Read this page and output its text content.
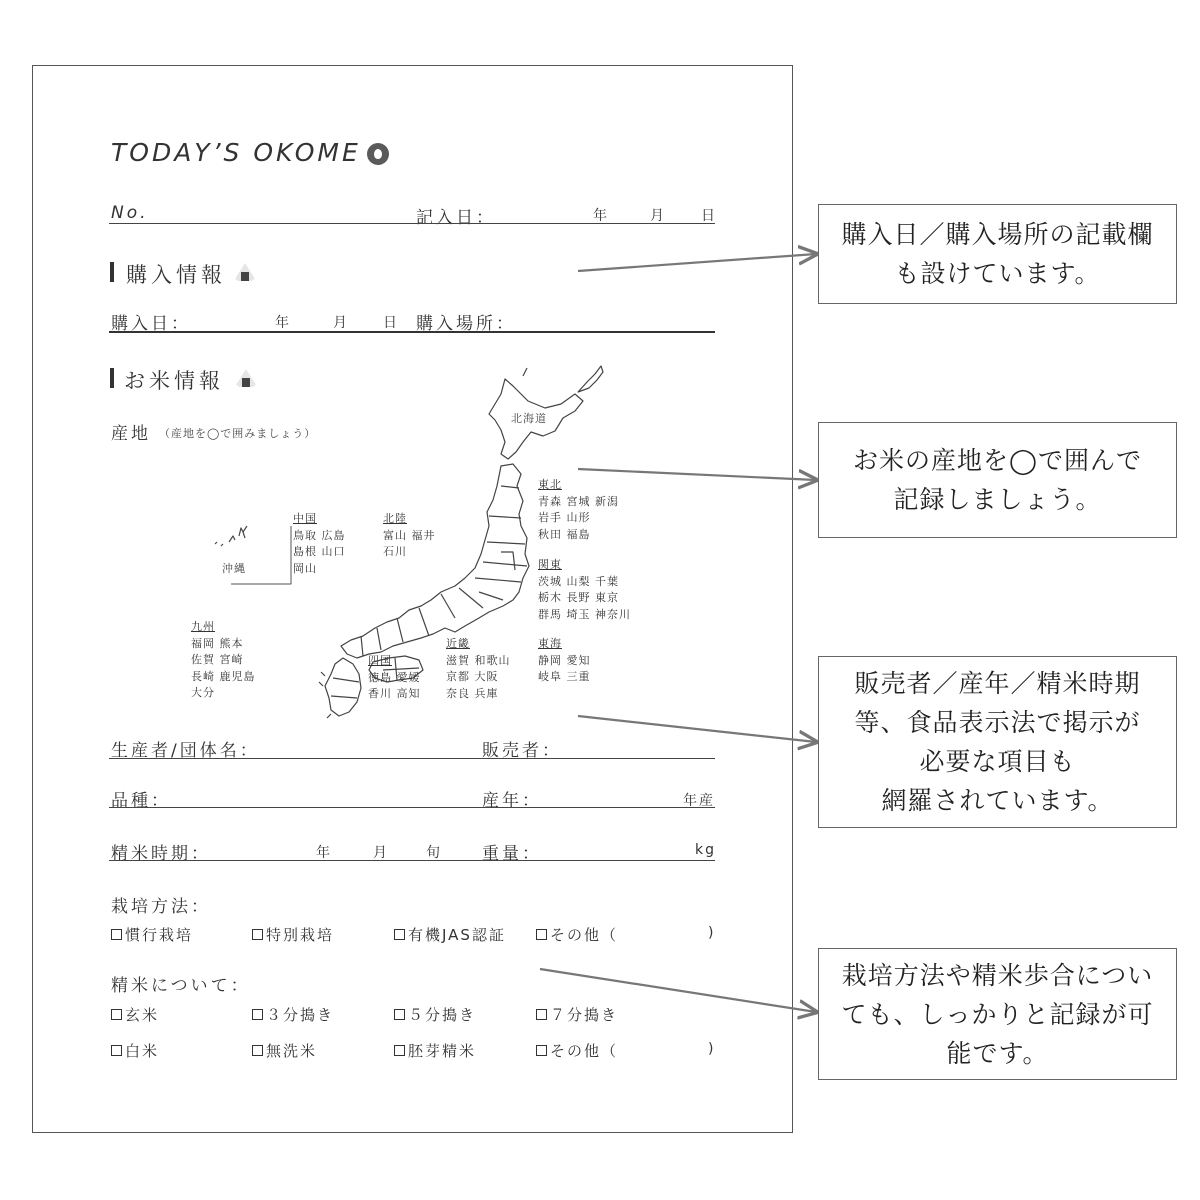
TODAY’S OKOME
No.	記入日：	年	月	日
購入情報
購入日：	年	月 日 購入場所：
お米情報
産地 （産地を◯で囲みましょう）
北海道
沖縄
東北
青森 宮城 新潟
岩手 山形
秋田 福島
関東
茨城 山梨 千葉
栃木 長野 東京
群馬 埼玉 神奈川
中国
鳥取 広島
島根 山口
岡山
北陸
富山 福井
石川
九州
福岡 熊本
佐賀 宮崎
長崎 鹿児島
大分
四国
徳島 愛媛
香川 高知
近畿
滋賀 和歌山
京都 大阪
奈良 兵庫
東海
静岡 愛知
岐阜 三重
生産者/団体名：	販売者：
品種：	産年：	年産
精米時期：	年	月	旬 重量：	kg
栽培方法：
慣行栽培	特別栽培	有機JAS認証	その他（	)
精米について：
玄米	３分搗き	５分搗き	７分搗き
白米	無洗米	胚芽精米	その他（	)
購入日／購入場所の記載欄
も設けています。
お米の産地を◯で囲んで
記録しましょう。
販売者／産年／精米時期
等、食品表示法で掲示が
必要な項目も
網羅されています。
栽培方法や精米歩合につい
ても、しっかりと記録が可
能です。
